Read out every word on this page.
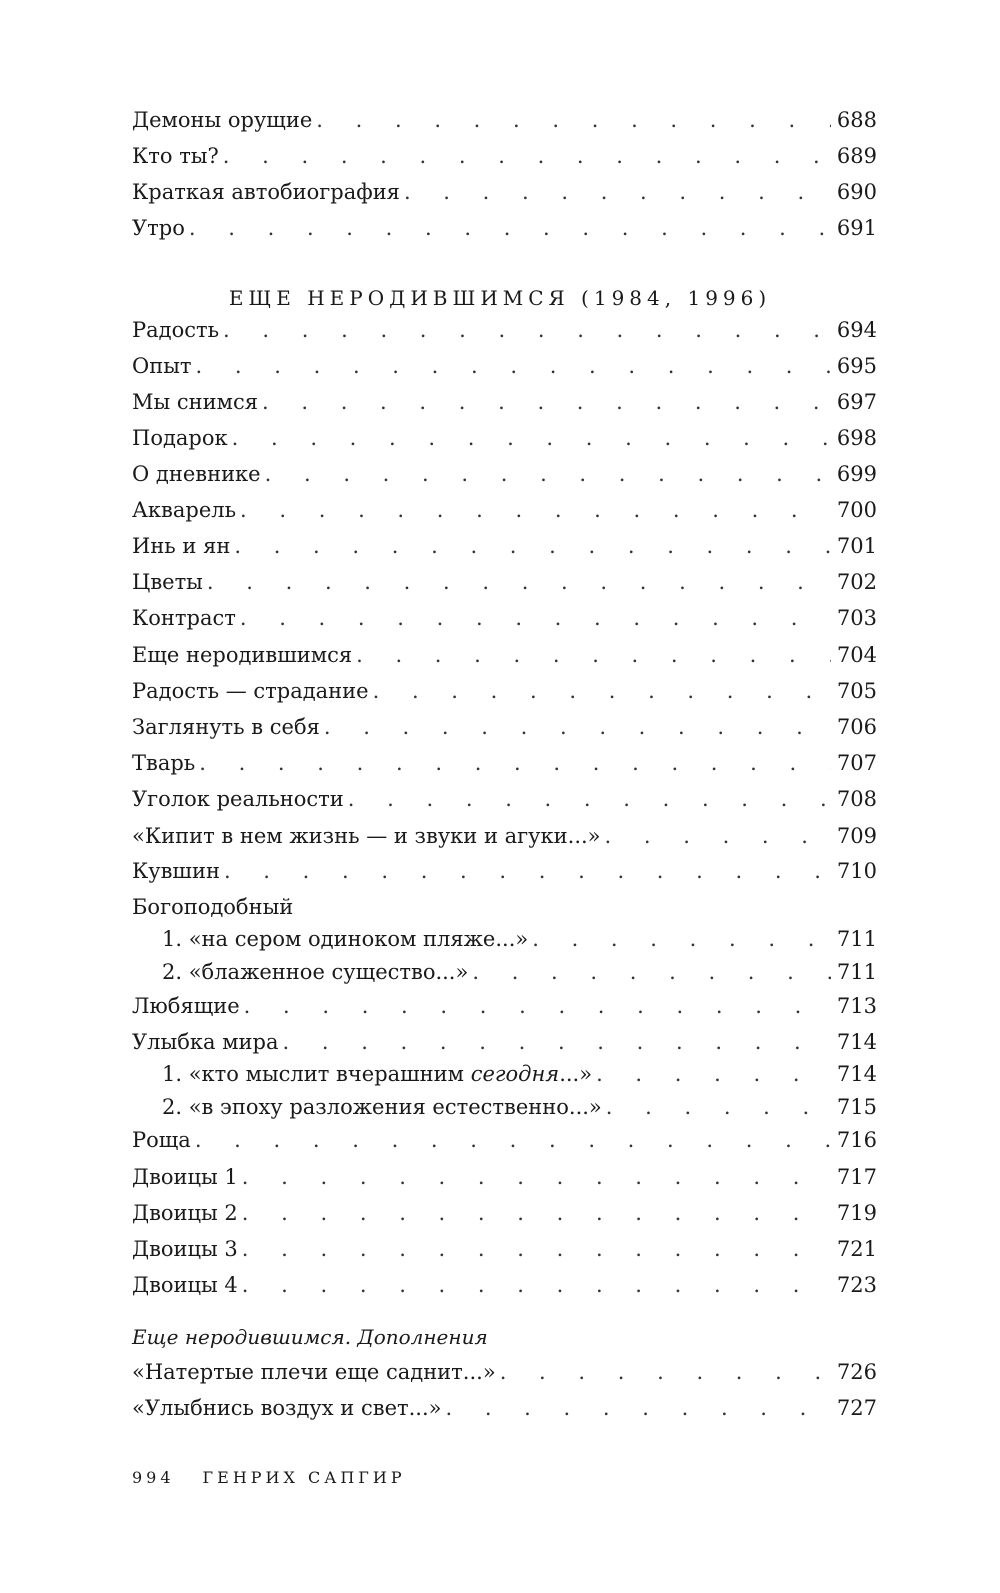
Демоны орущие . . .	688
Кто ты? . . .	689
Краткая автобиография . . .	690
Утро . . .	691
ЕЩЕ НЕРОДИВШИМСЯ (1984, 1996)
Радость . . .	694
Опыт . . .	695
Мы снимся . . .	697
Подарок . . .	698
О дневнике . . .	699
Акварель . . .	700
Инь и ян . . .	701
Цветы . . .	702
Контраст . . .	703
Еще неродившимся . . .	704
Радость — страдание . . .	705
Заглянуть в себя . . .	706
Тварь . . .	707
Уголок реальности . . .	708
«Кипит в нем жизнь — и звуки и агуки...» . . .	709
Кувшин . . .	710
Богоподобный
1. «на сером одиноком пляже...» . . .	711
2. «блаженное существо...» . . .	711
Любящие . . .	713
Улыбка мира . . .	714
1. «кто мыслит вчерашним сегодня...» . . .	714
2. «в эпоху разложения естественно...» . . .	715
Роща . . .	716
Двоицы 1 . . .	717
Двоицы 2 . . .	719
Двоицы 3 . . .	721
Двоицы 4 . . .	723
Еще неродившимся. Дополнения
«Натертые плечи еще саднит...» . . .	726
«Улыбнись воздух и свет...» . . .	727
994 ГЕНРИХ САПГИР
